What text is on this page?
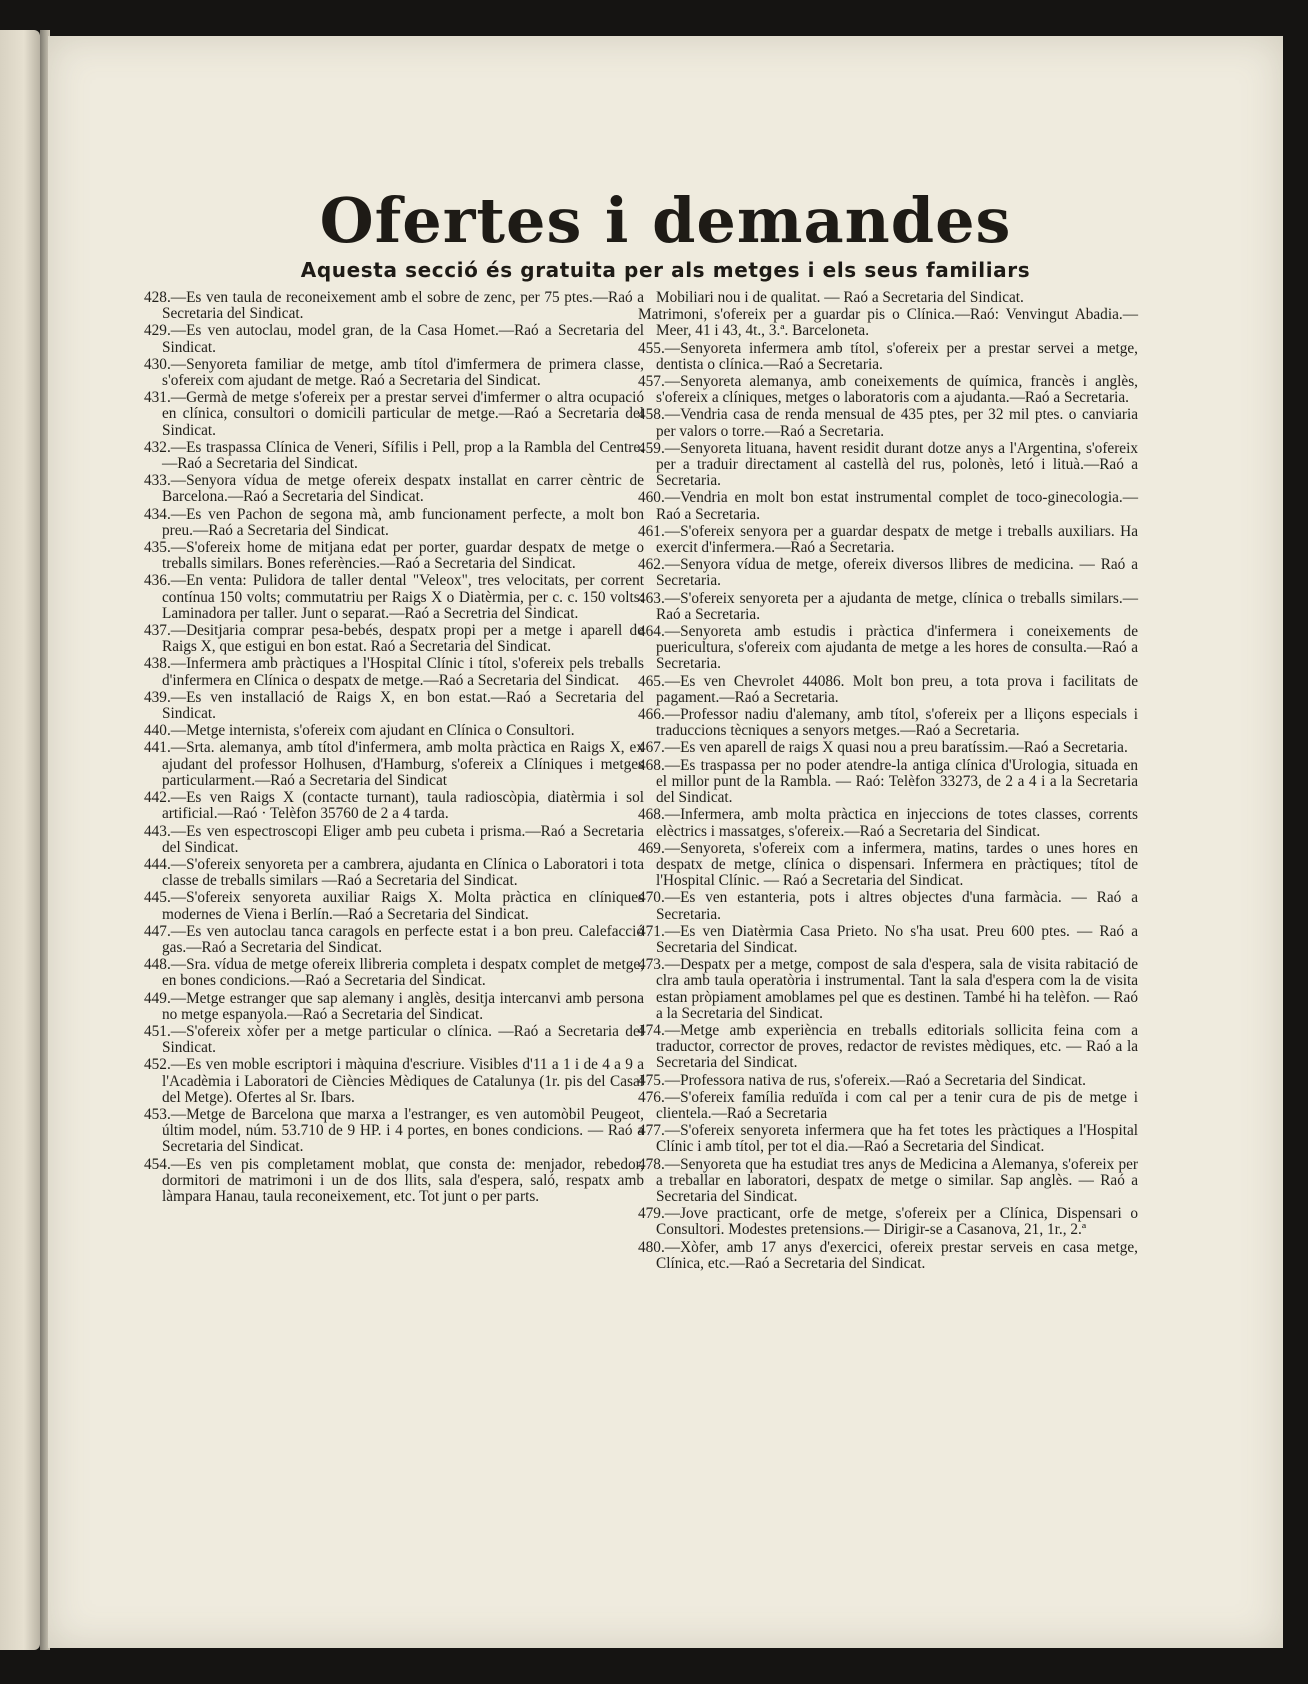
Ofertes i demandes
Aquesta secció és gratuita per als metges i els seus familiars

428.—Es ven taula de reconeixement amb el sobre de zenc, per 75 ptes.—Raó a Secretaria del Sindicat.

429.—Es ven autoclau, model gran, de la Casa Homet.—Raó a Secretaria del Sindicat.

430.—Senyoreta familiar de metge, amb títol d'imfermera de primera classe, s'ofereix com ajudant de metge. Raó a Secretaria del Sindicat.

431.—Germà de metge s'ofereix per a prestar servei d'imfermer o altra ocupació en clínica, consultori o domicili particular de metge.—Raó a Secretaria del Sindicat.

432.—Es traspassa Clínica de Veneri, Sífilis i Pell, prop a la Rambla del Centre.—Raó a Secretaria del Sindicat.

433.—Senyora vídua de metge ofereix despatx installat en carrer cèntric de Barcelona.—Raó a Secretaria del Sindicat.

434.—Es ven Pachon de segona mà, amb funcionament perfecte, a molt bon preu.—Raó a Secretaria del Sindicat.

435.—S'ofereix home de mitjana edat per porter, guardar despatx de metge o treballs similars. Bones referències.—Raó a Secretaria del Sindicat.

436.—En venta: Pulidora de taller dental "Veleox", tres velocitats, per corrent contínua 150 volts; commutatriu per Raigs X o Diatèrmia, per c. c. 150 volts: Laminadora per taller. Junt o separat.—Raó a Secretria del Sindicat.

437.—Desitjaria comprar pesa-bebés, despatx propi per a metge i aparell de Raigs X, que estigui en bon estat. Raó a Secretaria del Sindicat.

438.—Infermera amb pràctiques a l'Hospital Clínic i títol, s'ofereix pels treballs d'infermera en Clínica o despatx de metge.—Raó a Secretaria del Sindicat.

439.—Es ven installació de Raigs X, en bon estat.—Raó a Secretaria del Sindicat.

440.—Metge internista, s'ofereix com ajudant en Clínica o Consultori.

441.—Srta. alemanya, amb títol d'infermera, amb molta pràctica en Raigs X, ex ajudant del professor Holhusen, d'Hamburg, s'ofereix a Clíniques i metges particularment.—Raó a Secretaria del Sindicat

442.—Es ven Raigs X (contacte turnant), taula radioscòpia, diatèrmia i sol artificial.—Raó · Telèfon 35760 de 2 a 4 tarda.

443.—Es ven espectroscopi Eliger amb peu cubeta i prisma.—Raó a Secretaria del Sindicat.

444.—S'ofereix senyoreta per a cambrera, ajudanta en Clínica o Laboratori i tota classe de treballs similars —Raó a Secretaria del Sindicat.

445.—S'ofereix senyoreta auxiliar Raigs X. Molta pràctica en clíniques modernes de Viena i Berlín.—Raó a Secretaria del Sindicat.

447.—Es ven autoclau tanca caragols en perfecte estat i a bon preu. Calefacció gas.—Raó a Secretaria del Sindicat.

448.—Sra. vídua de metge ofereix llibreria completa i despatx complet de metge, en bones condicions.—Raó a Secretaria del Sindicat.

449.—Metge estranger que sap alemany i anglès, desitja intercanvi amb persona no metge espanyola.—Raó a Secretaria del Sindicat.

451.—S'ofereix xòfer per a metge particular o clínica. —Raó a Secretaria del Sindicat.

452.—Es ven moble escriptori i màquina d'escriure. Visibles d'11 a 1 i de 4 a 9 a l'Acadèmia i Laboratori de Ciències Mèdiques de Catalunya (1r. pis del Casal del Metge). Ofertes al Sr. Ibars.

453.—Metge de Barcelona que marxa a l'estranger, es ven automòbil Peugeot, últim model, núm. 53.710 de 9 HP. i 4 portes, en bones condicions. — Raó a Secretaria del Sindicat.

454.—Es ven pis completament moblat, que consta de: menjador, rebedor, dormitori de matrimoni i un de dos llits, sala d'espera, saló, respatx amb làmpara Hanau, taula reconeixement, etc. Tot junt o per parts.

Mobiliari nou i de qualitat. — Raó a Secretaria del Sindicat.

Matrimoni, s'ofereix per a guardar pis o Clínica.—Raó: Venvingut Abadia.—Meer, 41 i 43, 4t., 3.ª. Barceloneta.

455.—Senyoreta infermera amb títol, s'ofereix per a prestar servei a metge, dentista o clínica.—Raó a Secretaria.

457.—Senyoreta alemanya, amb coneixements de química, francès i anglès, s'ofereix a clíniques, metges o laboratoris com a ajudanta.—Raó a Secretaria.

458.—Vendria casa de renda mensual de 435 ptes, per 32 mil ptes. o canviaria per valors o torre.—Raó a Secretaria.

459.—Senyoreta lituana, havent residit durant dotze anys a l'Argentina, s'ofereix per a traduir directament al castellà del rus, polonès, letó i lituà.—Raó a Secretaria.

460.—Vendria en molt bon estat instrumental complet de toco-ginecologia.—Raó a Secretaria.

461.—S'ofereix senyora per a guardar despatx de metge i treballs auxiliars. Ha exercit d'infermera.—Raó a Secretaria.

462.—Senyora vídua de metge, ofereix diversos llibres de medicina. — Raó a Secretaria.

463.—S'ofereix senyoreta per a ajudanta de metge, clínica o treballs similars.—Raó a Secretaria.

464.—Senyoreta amb estudis i pràctica d'infermera i coneixements de puericultura, s'ofereix com ajudanta de metge a les hores de consulta.—Raó a Secretaria.

465.—Es ven Chevrolet 44086. Molt bon preu, a tota prova i facilitats de pagament.—Raó a Secretaria.

466.—Professor nadiu d'alemany, amb títol, s'ofereix per a lliçons especials i traduccions tècniques a senyors metges.—Raó a Secretaria.

467.—Es ven aparell de raigs X quasi nou a preu baratíssim.—Raó a Secretaria.

468.—Es traspassa per no poder atendre-la antiga clínica d'Urologia, situada en el millor punt de la Rambla. — Raó: Telèfon 33273, de 2 a 4 i a la Secretaria del Sindicat.

468.—Infermera, amb molta pràctica en injeccions de totes classes, corrents elèctrics i massatges, s'ofereix.—Raó a Secretaria del Sindicat.

469.—Senyoreta, s'ofereix com a infermera, matins, tardes o unes hores en despatx de metge, clínica o dispensari. Infermera en pràctiques; títol de l'Hospital Clínic. — Raó a Secretaria del Sindicat.

470.—Es ven estanteria, pots i altres objectes d'una farmàcia. — Raó a Secretaria.

471.—Es ven Diatèrmia Casa Prieto. No s'ha usat. Preu 600 ptes. — Raó a Secretaria del Sindicat.

473.—Despatx per a metge, compost de sala d'espera, sala de visita rabitació de clra amb taula operatòria i instrumental. Tant la sala d'espera com la de visita estan pròpiament amoblames pel que es destinen. També hi ha telèfon. — Raó a la Secretaria del Sindicat.

474.—Metge amb experiència en treballs editorials sollicita feina com a traductor, corrector de proves, redactor de revistes mèdiques, etc. — Raó a la Secretaria del Sindicat.

475.—Professora nativa de rus, s'ofereix.—Raó a Secretaria del Sindicat.

476.—S'ofereix família reduïda i com cal per a tenir cura de pis de metge i clientela.—Raó a Secretaria

477.—S'ofereix senyoreta infermera que ha fet totes les pràctiques a l'Hospital Clínic i amb títol, per tot el dia.—Raó a Secretaria del Sindicat.

478.—Senyoreta que ha estudiat tres anys de Medicina a Alemanya, s'ofereix per a treballar en laboratori, despatx de metge o similar. Sap anglès. — Raó a Secretaria del Sindicat.

479.—Jove practicant, orfe de metge, s'ofereix per a Clínica, Dispensari o Consultori. Modestes pretensions.— Dirigir-se a Casanova, 21, 1r., 2.ª

480.—Xòfer, amb 17 anys d'exercici, ofereix prestar serveis en casa metge, Clínica, etc.—Raó a Secretaria del Sindicat.
